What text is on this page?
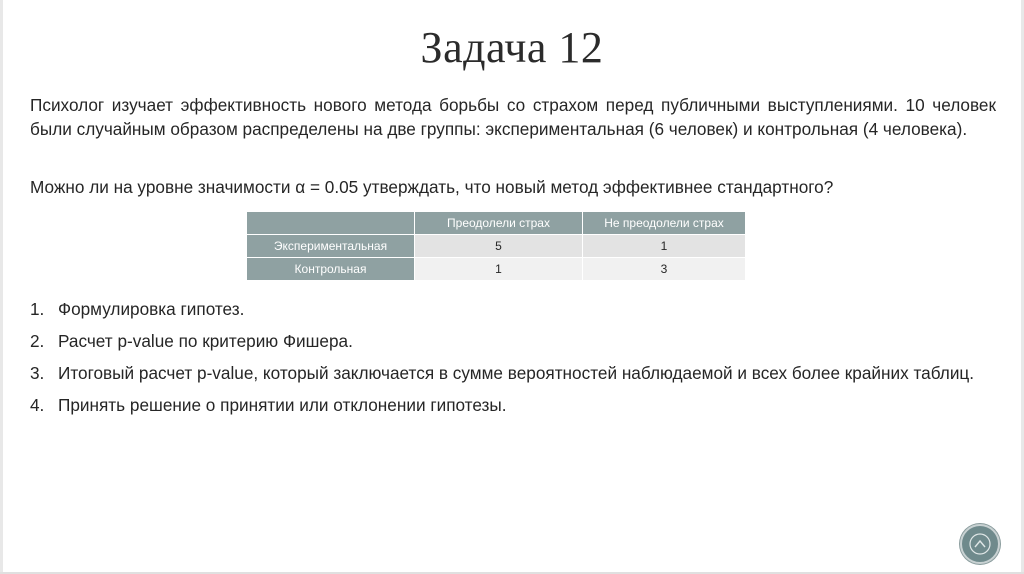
Задача 12
Психолог изучает эффективность нового метода борьбы со страхом перед публичными выступлениями. 10 человек были случайным образом распределены на две группы: экспериментальная (6 человек) и контрольная (4 человека).
Можно ли на уровне значимости α = 0.05 утверждать, что новый метод эффективнее стандартного?
	Преодолели страх	Не преодолели страх
Экспериментальная	5	1
Контрольная	1	3
1. Формулировка гипотез.
2. Расчет p-value по критерию Фишера.
3. Итоговый расчет p-value, который заключается в сумме вероятностей наблюдаемой и всех более крайних таблиц.
4. Принять решение о принятии или отклонении гипотезы.
